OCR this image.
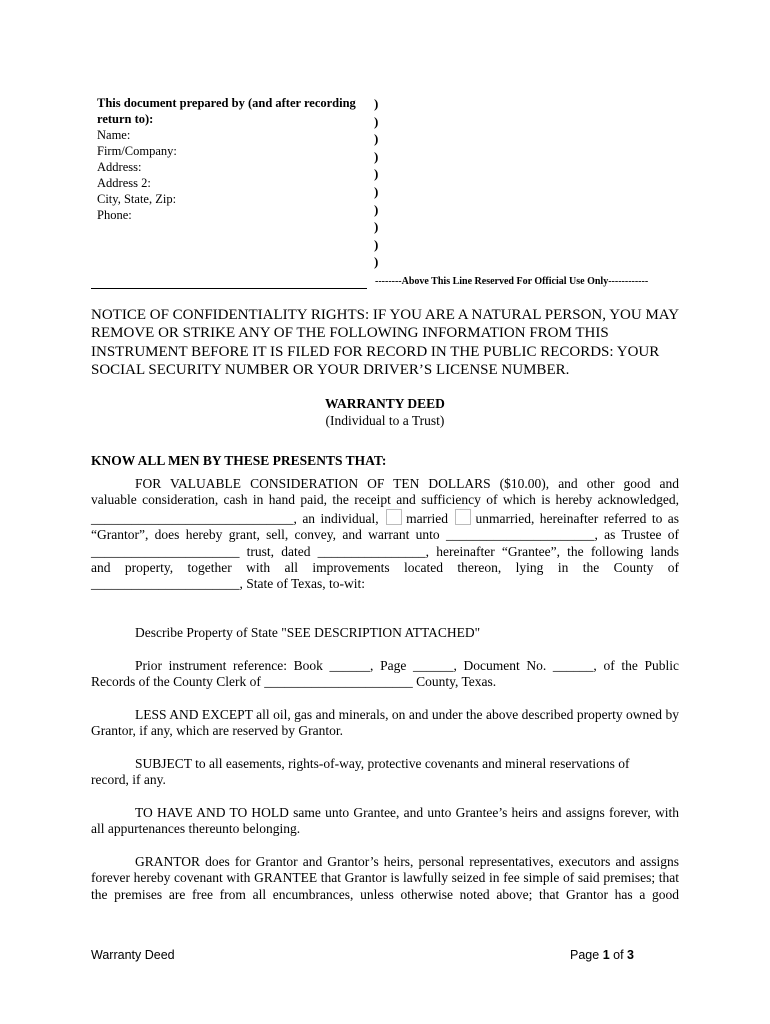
This document prepared by (and after recording
return to):
Name:
Firm/Company:
Address:
Address 2:
City, State, Zip:
Phone:
)
)
)
)
)
)
)
)
)
)
--------Above This Line Reserved For Official Use Only------------
NOTICE OF CONFIDENTIALITY RIGHTS: IF YOU ARE A NATURAL PERSON, YOU MAY REMOVE OR STRIKE ANY OF THE FOLLOWING INFORMATION FROM THIS INSTRUMENT BEFORE IT IS FILED FOR RECORD IN THE PUBLIC RECORDS: YOUR SOCIAL SECURITY NUMBER OR YOUR DRIVER’S LICENSE NUMBER.
WARRANTY DEED
(Individual to a Trust)
KNOW ALL MEN BY THESE PRESENTS THAT:

FOR VALUABLE CONSIDERATION OF TEN DOLLARS ($10.00), and other good and

valuable consideration, cash in hand paid, the receipt and sufficiency of which is hereby acknowledged,

______________________________, an individual, married unmarried, hereinafter referred to as

“Grantor”, does hereby grant, sell, convey, and warrant unto ______________________, as Trustee of

______________________ trust, dated ________________, hereinafter “Grantee”, the following lands

and property, together with all improvements located thereon, lying in the County of

______________________, State of Texas, to-wit:

Describe Property of State "SEE DESCRIPTION ATTACHED"

Prior instrument reference: Book ______, Page ______, Document No. ______, of the Public Records of the County Clerk of ______________________ County, Texas.

LESS AND EXCEPT all oil, gas and minerals, on and under the above described property owned by Grantor, if any, which are reserved by Grantor.

SUBJECT to all easements, rights-of-way, protective covenants and mineral reservations of record, if any.

TO HAVE AND TO HOLD same unto Grantee, and unto Grantee’s heirs and assigns forever, with all appurtenances thereunto belonging.

GRANTOR does for Grantor and Grantor’s heirs, personal representatives, executors and assigns forever hereby covenant with GRANTEE that Grantor is lawfully seized in fee simple of said premises; that the premises are free from all encumbrances, unless otherwise noted above; that Grantor has a good

Warranty Deed	Page 1 of 3
